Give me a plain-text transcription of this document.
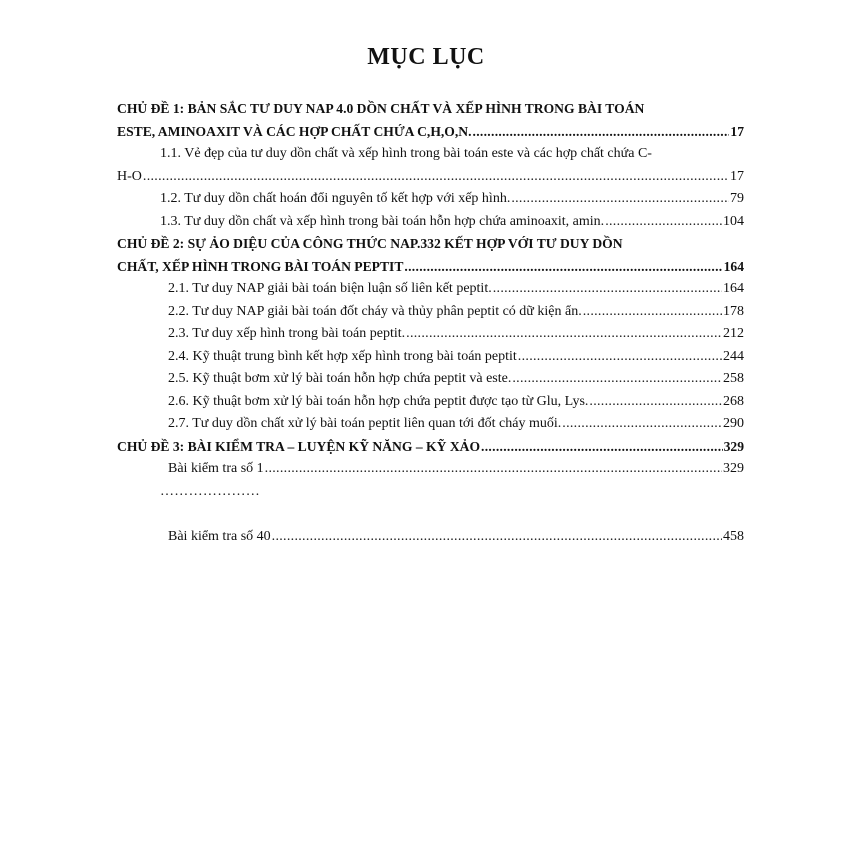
MỤC LỤC
CHỦ ĐỀ 1: BẢN SẮC TƯ DUY NAP 4.0 DỒN CHẤT VÀ XẾP HÌNH TRONG BÀI TOÁN
ESTE, AMINOAXIT VÀ CÁC HỢP CHẤT CHỨA C,H,O,N. .....	17
1.1. Vẻ đẹp của tư duy dồn chất và xếp hình trong bài toán este và các hợp chất chứa C-
H-O .....	17
1.2. Tư duy dồn chất hoán đổi nguyên tố kết hợp với xếp hình. .....	79
1.3. Tư duy dồn chất và xếp hình trong bài toán hỗn hợp chứa aminoaxit, amin. .....	104
CHỦ ĐỀ 2: SỰ ẢO DIỆU CỦA CÔNG THỨC NAP.332 KẾT HỢP VỚI TƯ DUY DỒN
CHẤT, XẾP HÌNH TRONG BÀI TOÁN PEPTIT .....	164
2.1. Tư duy NAP giải bài toán biện luận số liên kết peptit. .....	164
2.2. Tư duy NAP giải bài toán đốt cháy và thủy phân peptit có dữ kiện ẩn. .....	178
2.3. Tư duy xếp hình trong bài toán peptit. .....	212
2.4. Kỹ thuật trung bình kết hợp xếp hình trong bài toán peptit .....	244
2.5. Kỹ thuật bơm xử lý bài toán hỗn hợp chứa peptit và este. .....	258
2.6. Kỹ thuật bơm xử lý bài toán hỗn hợp chứa peptit được tạo từ Glu, Lys. .....	268
2.7. Tư duy dồn chất xử lý bài toán peptit liên quan tới đốt cháy muối. .....	290
CHỦ ĐỀ 3: BÀI KIỂM TRA – LUYỆN KỸ NĂNG – KỸ XẢO .....	329
Bài kiểm tra số 1 .....	329
…………………
Bài kiểm tra số 40 .....	458
